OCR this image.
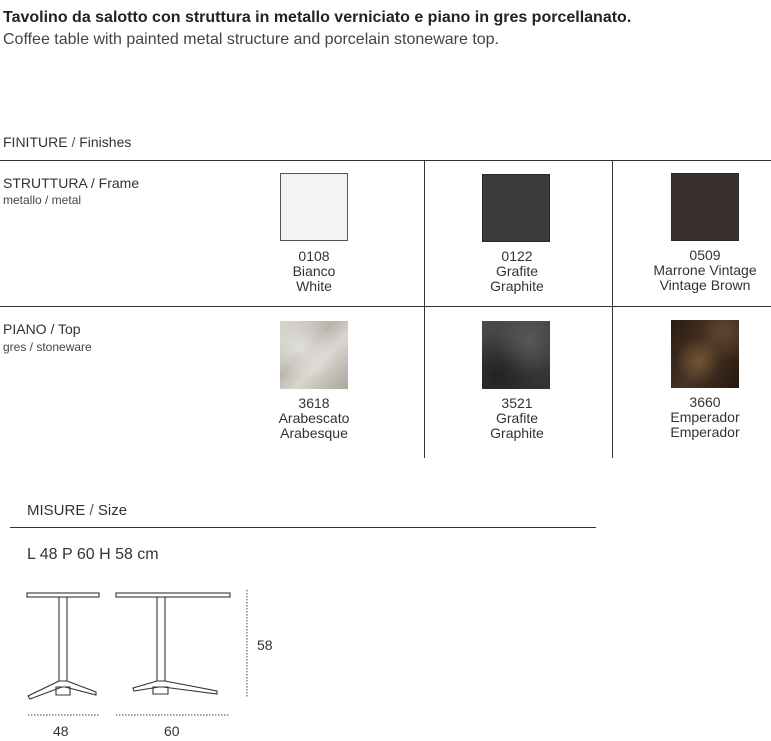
Tavolino da salotto con struttura in metallo verniciato e piano in gres porcellanato.
Coffee table with painted metal structure and porcelain stoneware top.
FINITURE / Finishes
STRUTTURA / Frame
metallo / metal
0108
Bianco
White
0122
Grafite
Graphite
0509
Marrone Vintage
Vintage Brown
PIANO / Top
gres / stoneware
3618
Arabescato
Arabesque
3521
Grafite
Graphite
3660
Emperador
Emperador
MISURE / Size
L 48 P 60 H 58 cm
48	60
58
